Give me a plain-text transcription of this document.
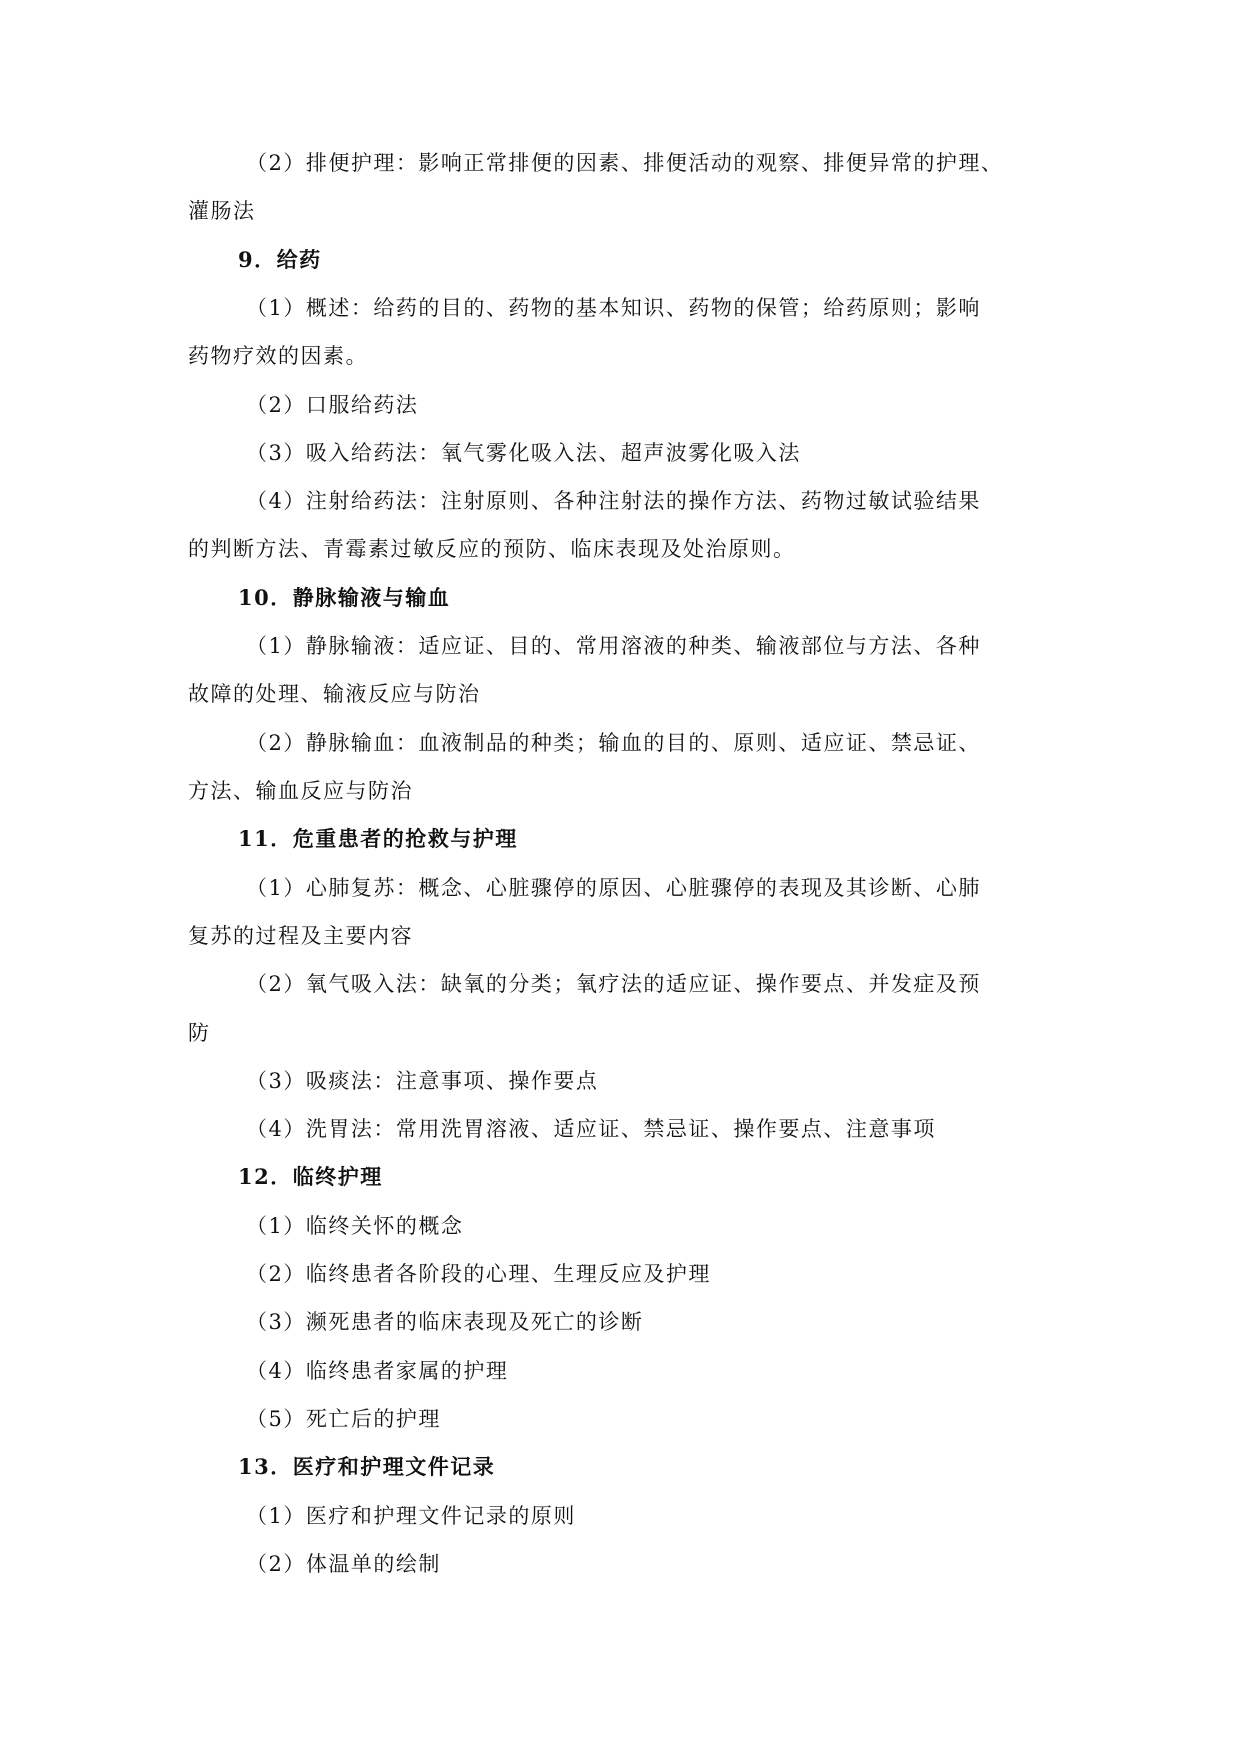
（2）排便护理：影响正常排便的因素、排便活动的观察、排便异常的护理、
灌肠法
9．给药
（1）概述：给药的目的、药物的基本知识、药物的保管；给药原则；影响
药物疗效的因素。
（2）口服给药法
（3）吸入给药法：氧气雾化吸入法、超声波雾化吸入法
（4）注射给药法：注射原则、各种注射法的操作方法、药物过敏试验结果
的判断方法、青霉素过敏反应的预防、临床表现及处治原则。
10．静脉输液与输血
（1）静脉输液：适应证、目的、常用溶液的种类、输液部位与方法、各种
故障的处理、输液反应与防治
（2）静脉输血：血液制品的种类；输血的目的、原则、适应证、禁忌证、
方法、输血反应与防治
11．危重患者的抢救与护理
（1）心肺复苏：概念、心脏骤停的原因、心脏骤停的表现及其诊断、心肺
复苏的过程及主要内容
（2）氧气吸入法：缺氧的分类；氧疗法的适应证、操作要点、并发症及预
防
（3）吸痰法：注意事项、操作要点
（4）洗胃法：常用洗胃溶液、适应证、禁忌证、操作要点、注意事项
12．临终护理
（1）临终关怀的概念
（2）临终患者各阶段的心理、生理反应及护理
（3）濒死患者的临床表现及死亡的诊断
（4）临终患者家属的护理
（5）死亡后的护理
13．医疗和护理文件记录
（1）医疗和护理文件记录的原则
（2）体温单的绘制
